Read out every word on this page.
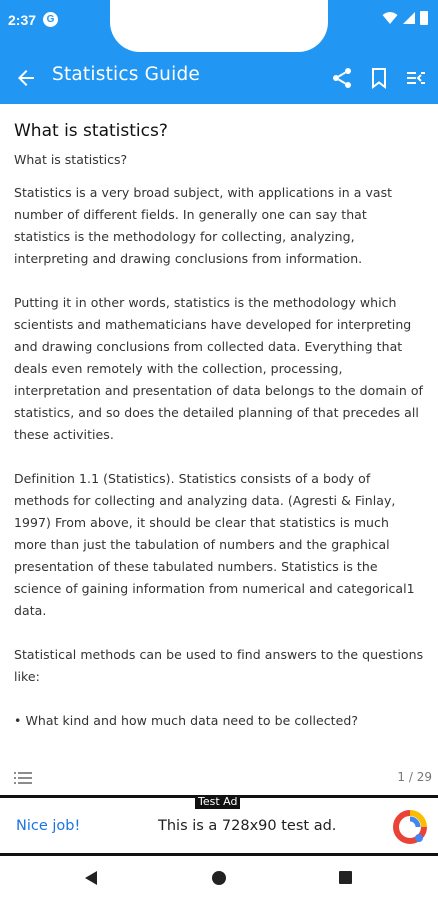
2:37	G
Statistics Guide
What is statistics?

What is statistics?

Statistics is a very broad subject, with applications in a vast number of different fields. In generally one can say that statistics is the methodology for collecting, analyzing, interpreting and drawing conclusions from information.

Putting it in other words, statistics is the methodology which scientists and mathematicians have developed for interpreting and drawing conclusions from collected data. Everything that deals even remotely with the collection, processing, interpretation and presentation of data belongs to the domain of statistics, and so does the detailed planning of that precedes all these activities.

Definition 1.1 (Statistics). Statistics consists of a body of methods for collecting and analyzing data. (Agresti & Finlay, 1997) From above, it should be clear that statistics is much more than just the tabulation of numbers and the graphical presentation of these tabulated numbers. Statistics is the science of gaining information from numerical and categorical1 data.

Statistical methods can be used to find answers to the questions like:

• What kind and how much data need to be collected?

1 / 29
Test Ad
Nice job!	This is a 728x90 test ad.
